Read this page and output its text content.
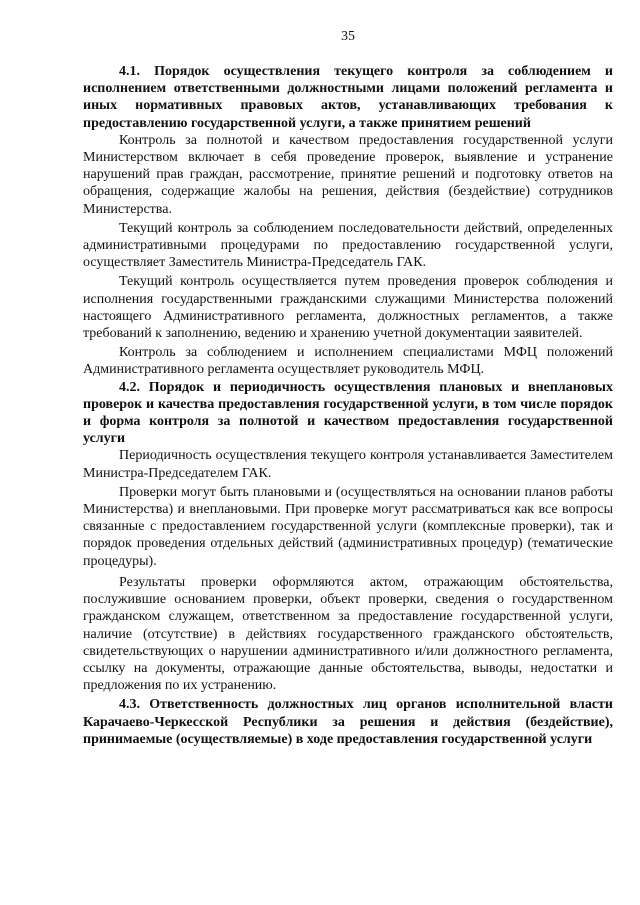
35

4.1. Порядок осуществления текущего контроля за соблюдением и исполнением ответственными должностными лицами положений регламента и иных нормативных правовых актов, устанавливающих требования к предоставлению государственной услуги, а также принятием решений

Контроль за полнотой и качеством предоставления государственной услуги Министерством включает в себя проведение проверок, выявление и устранение нарушений прав граждан, рассмотрение, принятие решений и подготовку ответов на обращения, содержащие жалобы на решения, действия (бездействие) сотрудников Министерства.

Текущий контроль за соблюдением последовательности действий, определенных административными процедурами по предоставлению государственной услуги, осуществляет Заместитель Министра-Председатель ГАК.

Текущий контроль осуществляется путем проведения проверок соблюдения и исполнения государственными гражданскими служащими Министерства положений настоящего Административного регламента, должностных регламентов, а также требований к заполнению, ведению и хранению учетной документации заявителей.

Контроль за соблюдением и исполнением специалистами МФЦ положений Административного регламента осуществляет руководитель МФЦ.

4.2. Порядок и периодичность осуществления плановых и внеплановых проверок и качества предоставления государственной услуги, в том числе порядок и форма контроля за полнотой и качеством предоставления государственной услуги

Периодичность осуществления текущего контроля устанавливается Заместителем Министра-Председателем ГАК.

Проверки могут быть плановыми и (осуществляться на основании планов работы Министерства) и внеплановыми. При проверке могут рассматриваться как все вопросы связанные с предоставлением государственной услуги (комплексные проверки), так и порядок проведения отдельных действий (административных процедур) (тематические процедуры).

Результаты проверки оформляются актом, отражающим обстоятельства, послужившие основанием проверки, объект проверки, сведения о государственном гражданском служащем, ответственном за предоставление государственной услуги, наличие (отсутствие) в действиях государственного гражданского обстоятельств, свидетельствующих о нарушении административного и/или должностного регламента, ссылку на документы, отражающие данные обстоятельства, выводы, недостатки и предложения по их устранению.

4.3. Ответственность должностных лиц органов исполнительной власти Карачаево-Черкесской Республики за решения и действия (бездействие), принимаемые (осуществляемые) в ходе предоставления государственной услуги
